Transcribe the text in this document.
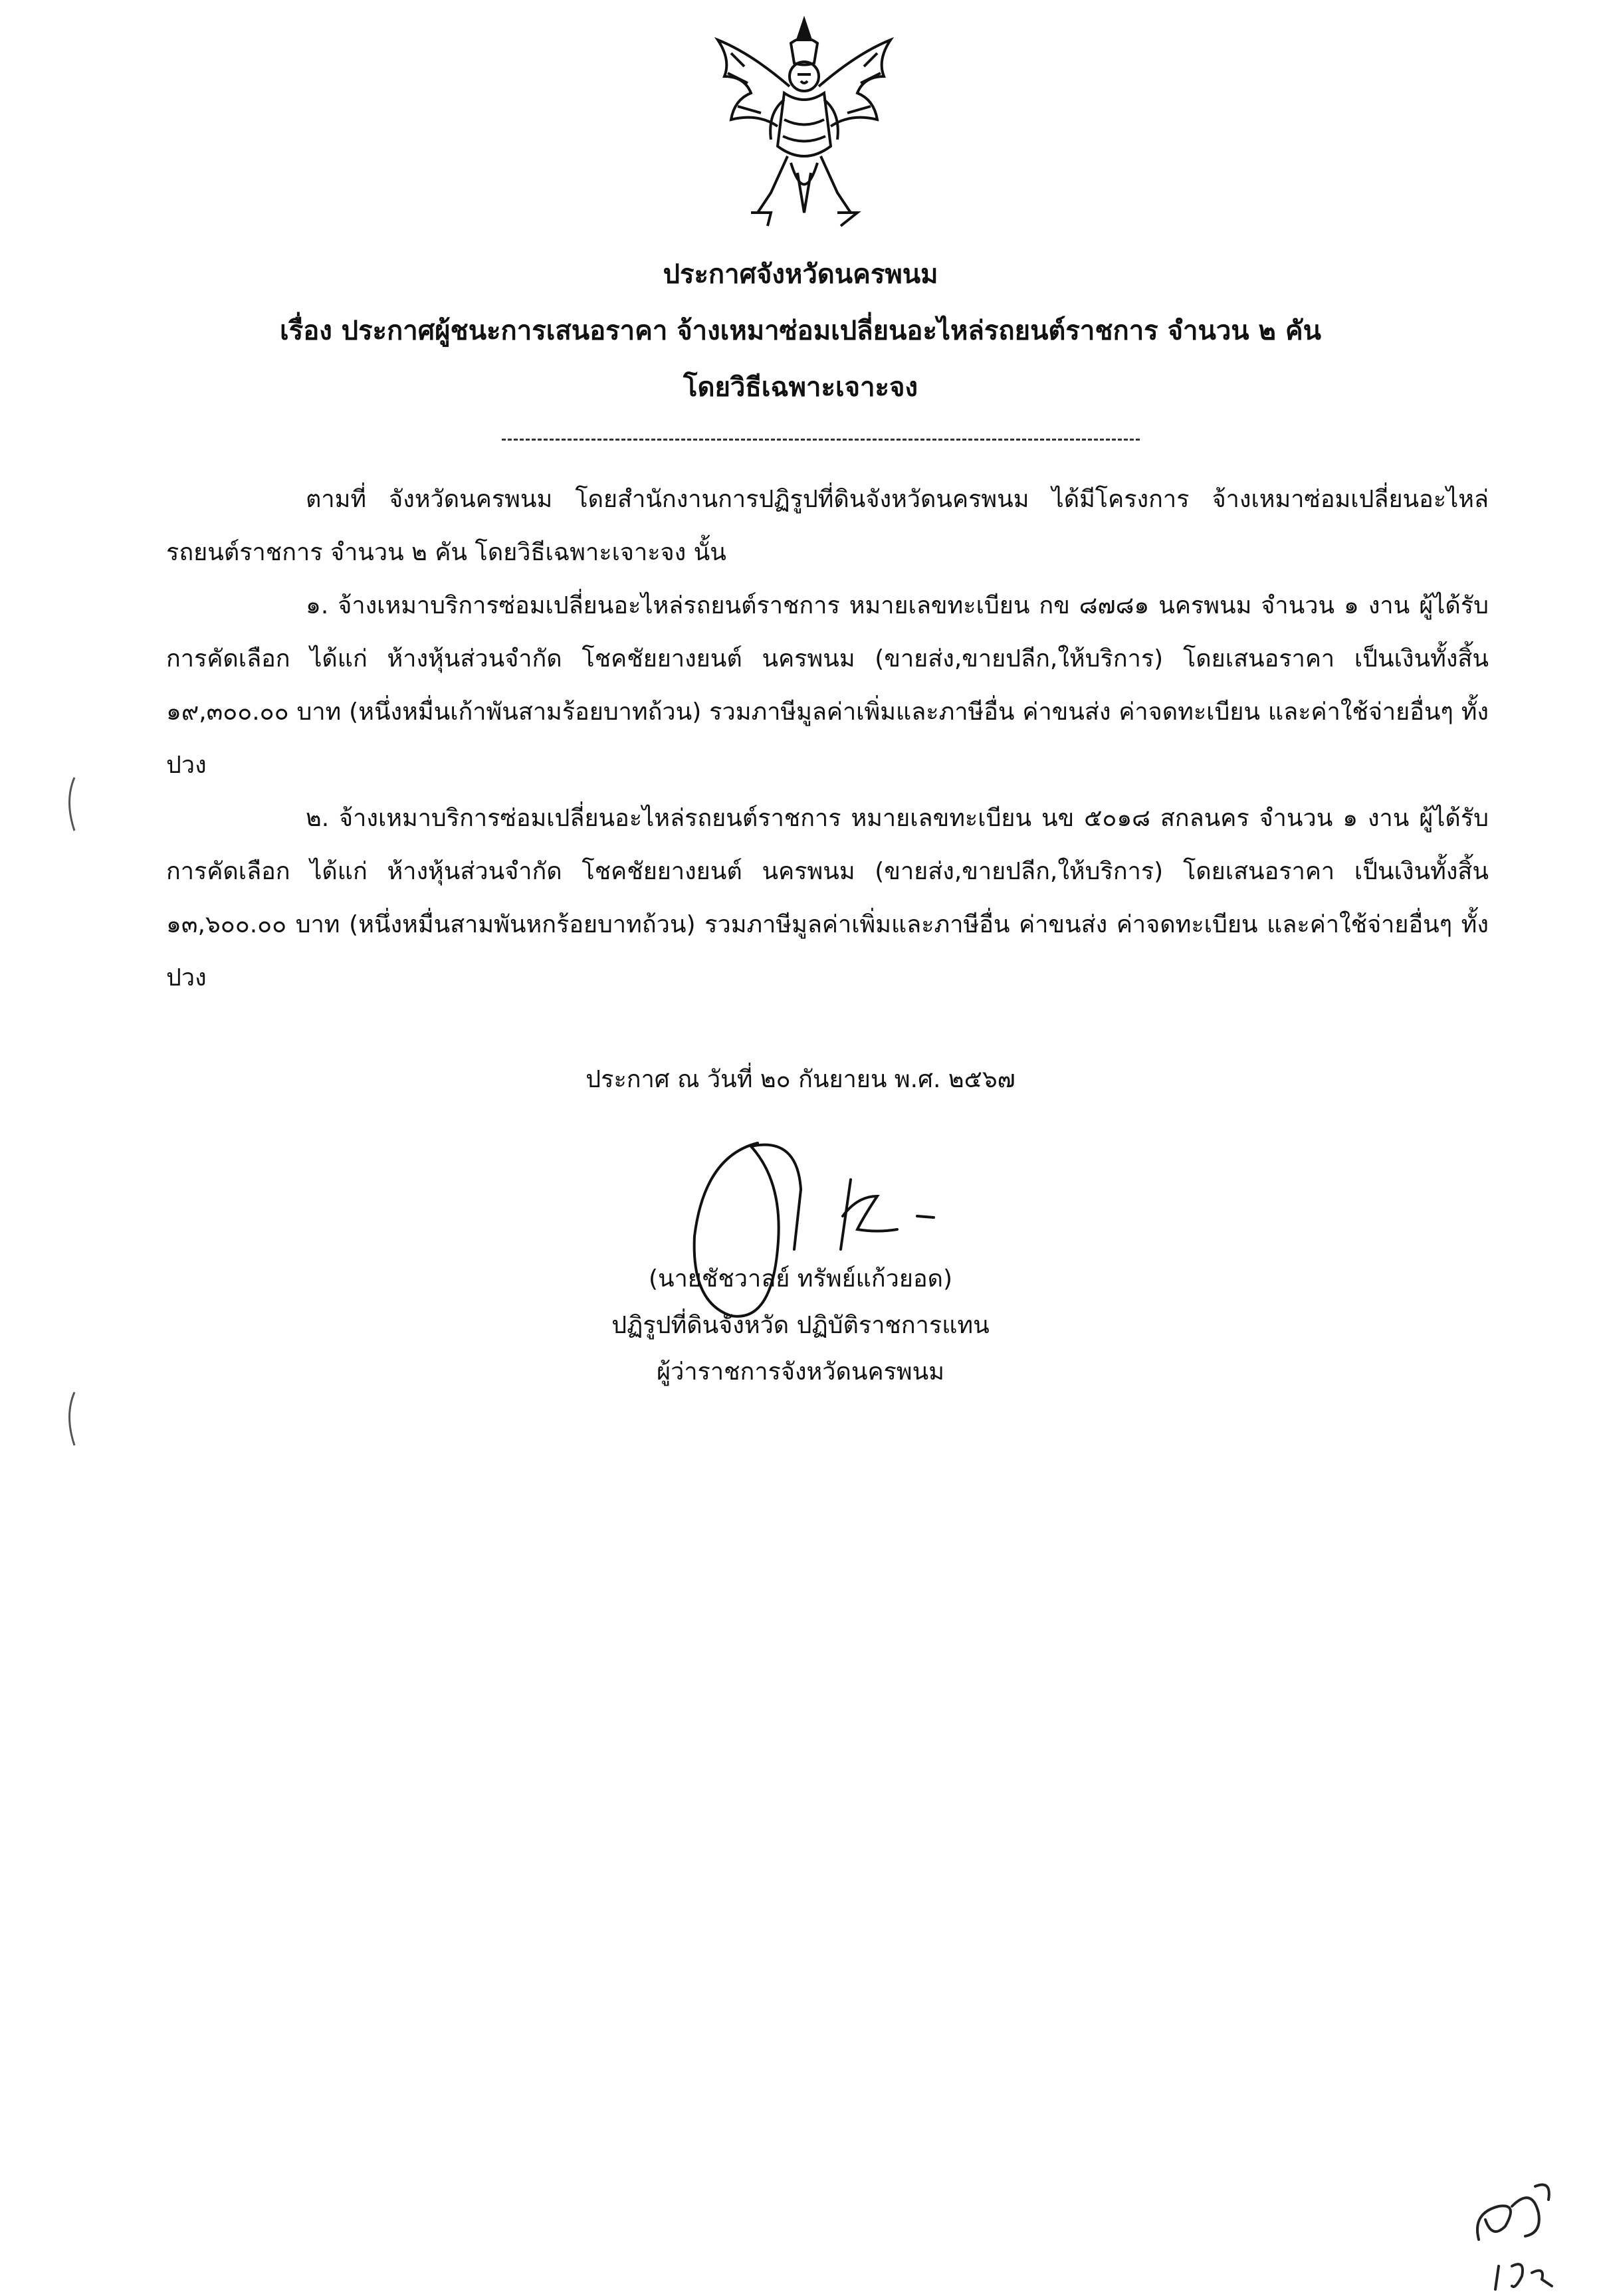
ประกาศจังหวัดนครพนม
เรื่อง ประกาศผู้ชนะการเสนอราคา จ้างเหมาซ่อมเปลี่ยนอะไหล่รถยนต์ราชการ จำนวน ๒ คัน
โดยวิธีเฉพาะเจาะจง
ตามที่ จังหวัดนครพนม โดยสำนักงานการปฏิรูปที่ดินจังหวัดนครพนม ได้มีโครงการ จ้างเหมาซ่อมเปลี่ยนอะไหล่รถยนต์ราชการ จำนวน ๒ คัน โดยวิธีเฉพาะเจาะจง นั้น
๑. จ้างเหมาบริการซ่อมเปลี่ยนอะไหล่รถยนต์ราชการ หมายเลขทะเบียน กข ๘๗๘๑ นครพนม จำนวน ๑ งาน ผู้ได้รับการคัดเลือก ได้แก่ ห้างหุ้นส่วนจำกัด โชคชัยยางยนต์ นครพนม (ขายส่ง,ขายปลีก,ให้บริการ) โดยเสนอราคา เป็นเงินทั้งสิ้น ๑๙,๓๐๐.๐๐ บาท (หนึ่งหมื่นเก้าพันสามร้อยบาทถ้วน) รวมภาษีมูลค่าเพิ่มและภาษีอื่น ค่าขนส่ง ค่าจดทะเบียน และค่าใช้จ่ายอื่นๆ ทั้งปวง
๒. จ้างเหมาบริการซ่อมเปลี่ยนอะไหล่รถยนต์ราชการ หมายเลขทะเบียน นข ๕๐๑๘ สกลนคร จำนวน ๑ งาน ผู้ได้รับการคัดเลือก ได้แก่ ห้างหุ้นส่วนจำกัด โชคชัยยางยนต์ นครพนม (ขายส่ง,ขายปลีก,ให้บริการ) โดยเสนอราคา เป็นเงินทั้งสิ้น ๑๓,๖๐๐.๐๐ บาท (หนึ่งหมื่นสามพันหกร้อยบาทถ้วน) รวมภาษีมูลค่าเพิ่มและภาษีอื่น ค่าขนส่ง ค่าจดทะเบียน และค่าใช้จ่ายอื่นๆ ทั้งปวง
ประกาศ ณ วันที่ ๒๐ กันยายน พ.ศ. ๒๕๖๗
(นายชัชวาลย์ ทรัพย์แก้วยอด)
ปฏิรูปที่ดินจังหวัด ปฏิบัติราชการแทน
ผู้ว่าราชการจังหวัดนครพนม
